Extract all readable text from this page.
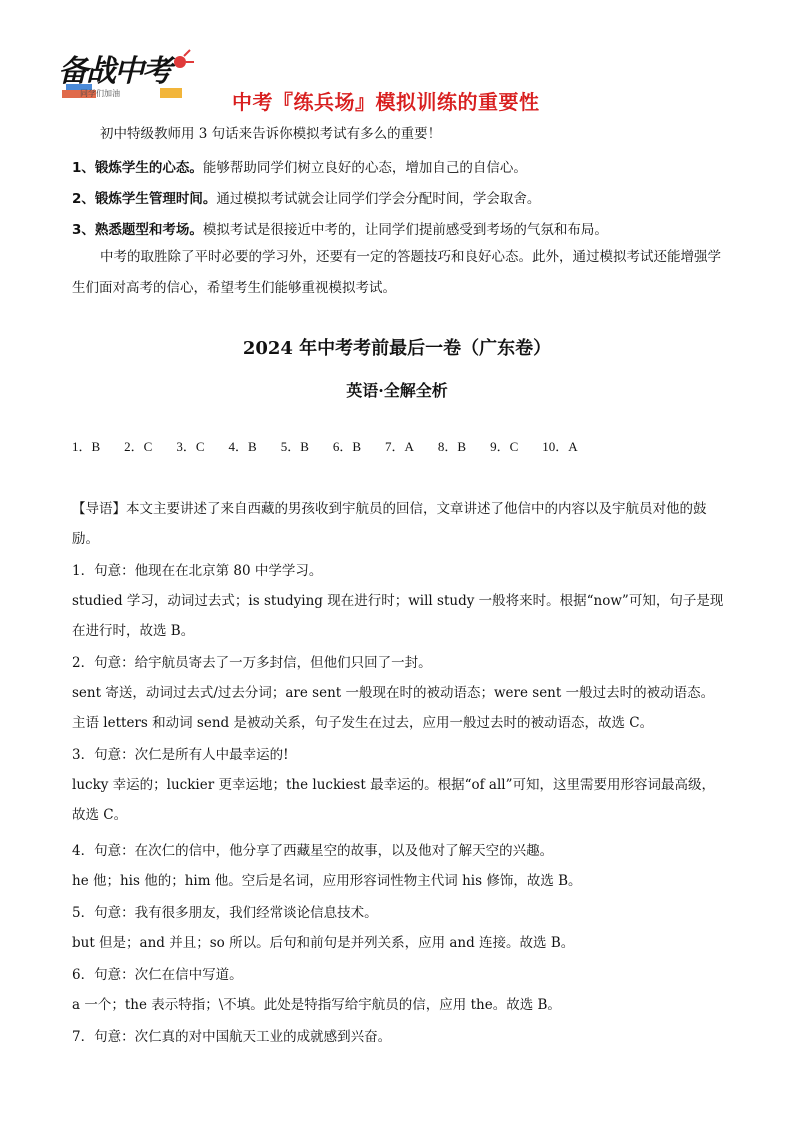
备战中考
同学们加油	中考『练兵场』模拟训练的重要性
初中特级教师用 3 句话来告诉你模拟考试有多么的重要！
1、锻炼学生的心态。能够帮助同学们树立良好的心态，增加自己的自信心。
2、锻炼学生管理时间。通过模拟考试就会让同学们学会分配时间，学会取舍。
3、熟悉题型和考场。模拟考试是很接近中考的，让同学们提前感受到考场的气氛和布局。
中考的取胜除了平时必要的学习外，还要有一定的答题技巧和良好心态。此外，通过模拟考试还能增强学生们面对高考的信心，希望考生们能够重视模拟考试。
2024 年中考考前最后一卷（广东卷）
英语·全解全析
1．B 2．C 3．C 4．B 5．B 6．B 7．A 8．B 9．C 10．A
【导语】本文主要讲述了来自西藏的男孩收到宇航员的回信，文章讲述了他信中的内容以及宇航员对他的鼓励。
1．句意：他现在在北京第 80 中学学习。
studied 学习，动词过去式；is studying 现在进行时；will study 一般将来时。根据“now”可知，句子是现在进行时，故选 B。
2．句意：给宇航员寄去了一万多封信，但他们只回了一封。
sent 寄送，动词过去式/过去分词；are sent 一般现在时的被动语态；were sent 一般过去时的被动语态。主语 letters 和动词 send 是被动关系，句子发生在过去，应用一般过去时的被动语态，故选 C。
3．句意：次仁是所有人中最幸运的!
lucky 幸运的；luckier 更幸运地；the luckiest 最幸运的。根据“of all”可知，这里需要用形容词最高级，故选 C。
4．句意：在次仁的信中，他分享了西藏星空的故事，以及他对了解天空的兴趣。
he 他；his 他的；him 他。空后是名词，应用形容词性物主代词 his 修饰，故选 B。
5．句意：我有很多朋友，我们经常谈论信息技术。
but 但是；and 并且；so 所以。后句和前句是并列关系，应用 and 连接。故选 B。
6．句意：次仁在信中写道。
a 一个；the 表示特指；\不填。此处是特指写给宇航员的信，应用 the。故选 B。
7．句意：次仁真的对中国航天工业的成就感到兴奋。
